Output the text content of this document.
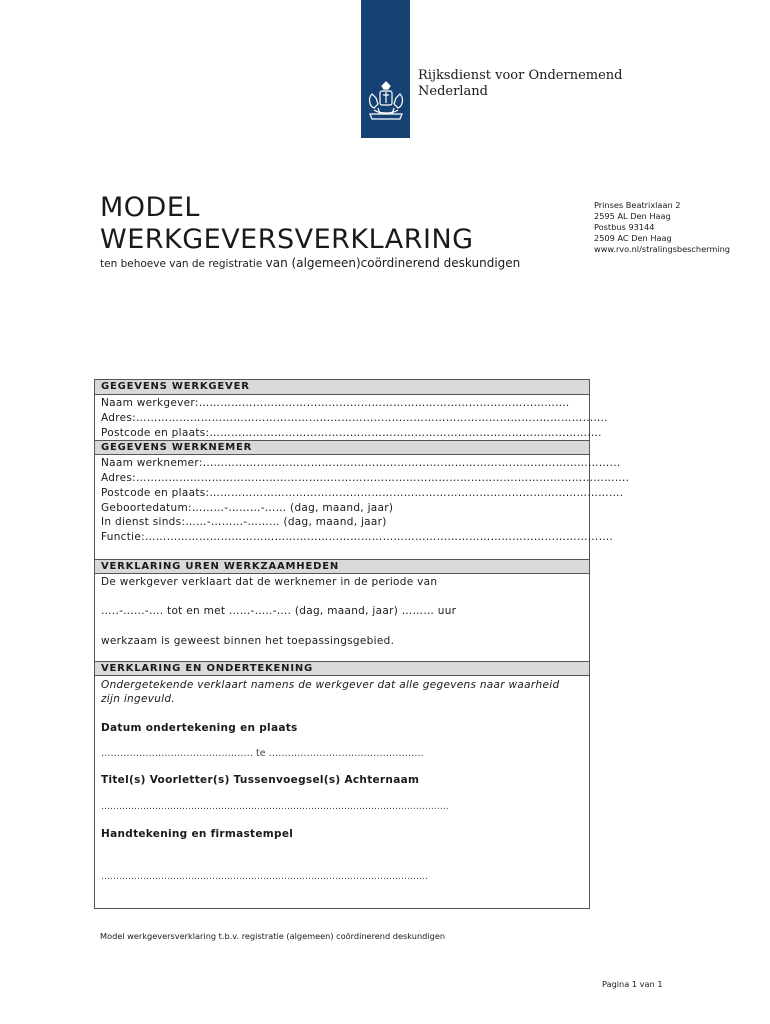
Rijksdienst voor Ondernemend
Nederland
MODEL
WERKGEVERSVERKLARING
ten behoeve van de registratie van (algemeen)coördinerend deskundigen
Prinses Beatrixlaan 2
2595 AL Den Haag
Postbus 93144
2509 AC Den Haag
www.rvo.nl/stralingsbescherming
GEGEVENS WERKGEVER
Naam werkgever:………………………………………………………………………………………….
Adres:…………………………………………………………..……………………………………..……………….
Postcode en plaats:……………………………………………………………………………………………….
GEGEVENS WERKNEMER
Naam werknemer:………………………………………………………….……………….………………………...
Adres:…………………………………………………………………………………………….………………………….
Postcode en plaats:…………………………………………………………………………………………………….
Geboortedatum:………-………-…… (dag, maand, jaar)
In dienst sinds:……-………-……… (dag, maand, jaar)
Functie:………………………………………………………………………………………………………………….
VERKLARING UREN WERKZAAMHEDEN
De werkgever verklaart dat de werknemer in de periode van
…..-…...-…. tot en met ……-…..-…. (dag, maand, jaar) ……… uur
werkzaam is geweest binnen het toepassingsgebied.
VERKLARING EN ONDERTEKENING
Ondergetekende verklaart namens de werkgever dat alle gegevens naar waarheid zijn ingevuld.
Datum ondertekening en plaats
………………………………………… te ………………………………………….
Titel(s) Voorletter(s) Tussenvoegsel(s) Achternaam
……………………………………………………………………………………….…………….
Handtekening en firmastempel
……………………………………………………………………………………………….
Model werkgeversverklaring t.b.v. registratie (algemeen) coördinerend deskundigen
Pagina 1 van 1
